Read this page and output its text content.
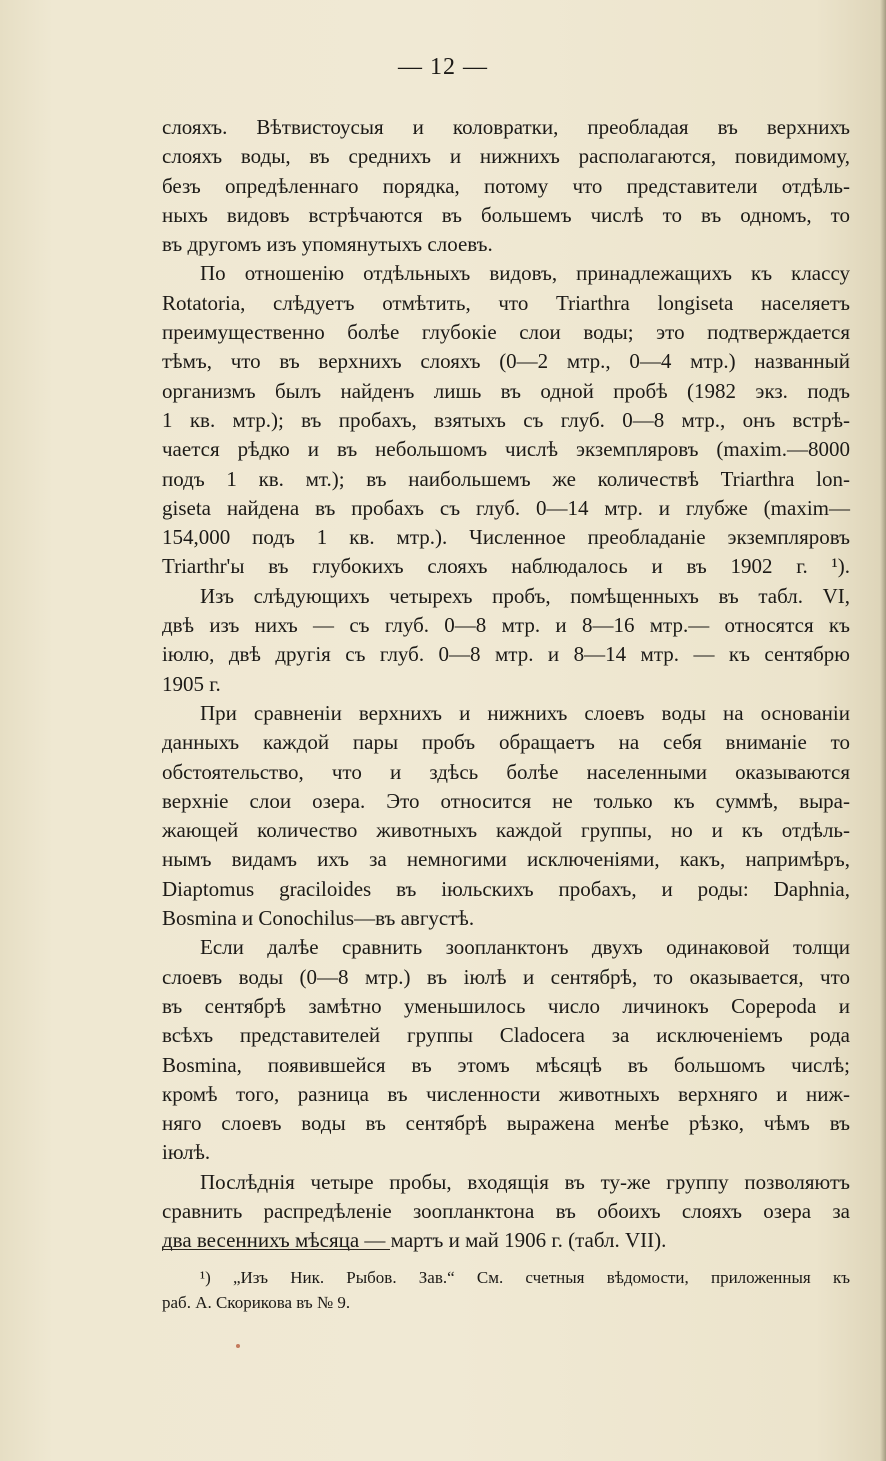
— 12 —

слояхъ. Вѣтвистоусыя и коловратки, преобладая въ верхнихъ

слояхъ воды, въ среднихъ и нижнихъ располагаются, повидимому,

безъ опредѣленнаго порядка, потому что представители отдѣль-

ныхъ видовъ встрѣчаются въ большемъ числѣ то въ одномъ, то

въ другомъ изъ упомянутыхъ слоевъ.

По отношенію отдѣльныхъ видовъ, принадлежащихъ къ классу

Rotatoria, слѣдуетъ отмѣтить, что Triarthra longiseta населяетъ

преимущественно болѣе глубокіе слои воды; это подтверждается

тѣмъ, что въ верхнихъ слояхъ (0—2 мтр., 0—4 мтр.) названный

организмъ былъ найденъ лишь въ одной пробѣ (1982 экз. подъ

1 кв. мтр.); въ пробахъ, взятыхъ съ глуб. 0—8 мтр., онъ встрѣ-

чается рѣдко и въ небольшомъ числѣ экземпляровъ (maxim.—8000

подъ 1 кв. мт.); въ наибольшемъ же количествѣ Triarthra lon-

giseta найдена въ пробахъ съ глуб. 0—14 мтр. и глубже (maxim—

154,000 подъ 1 кв. мтр.). Численное преобладаніе экземпляровъ

Triarthr'ы въ глубокихъ слояхъ наблюдалось и въ 1902 г. ¹).

Изъ слѣдующихъ четырехъ пробъ, помѣщенныхъ въ табл. VI,

двѣ изъ нихъ — съ глуб. 0—8 мтр. и 8—16 мтр.— относятся къ

іюлю, двѣ другія съ глуб. 0—8 мтр. и 8—14 мтр. — къ сентябрю

1905 г.

При сравненіи верхнихъ и нижнихъ слоевъ воды на основаніи

данныхъ каждой пары пробъ обращаетъ на себя вниманіе то

обстоятельство, что и здѣсь болѣе населенными оказываются

верхніе слои озера. Это относится не только къ суммѣ, выра-

жающей количество животныхъ каждой группы, но и къ отдѣль-

нымъ видамъ ихъ за немногими исключеніями, какъ, напримѣръ,

Diaptomus gracilоides въ іюльскихъ пробахъ, и роды: Daphnia,

Bosmina и Conochilus—въ августѣ.

Если далѣе сравнить зоопланктонъ двухъ одинаковой толщи

слоевъ воды (0—8 мтр.) въ іюлѣ и сентябрѣ, то оказывается, что

въ сентябрѣ замѣтно уменьшилось число личинокъ Copepoda и

всѣхъ представителей группы Cladocera за исключеніемъ рода

Bosmina, появившейся въ этомъ мѣсяцѣ въ большомъ числѣ;

кромѣ того, разница въ численности животныхъ верхняго и ниж-

няго слоевъ воды въ сентябрѣ выражена менѣе рѣзко, чѣмъ въ

іюлѣ.

Послѣднія четыре пробы, входящія въ ту-же группу позволяютъ

сравнить распредѣленіе зоопланктона въ обоихъ слояхъ озера за

два весеннихъ мѣсяца — мартъ и май 1906 г. (табл. VII).

¹) „Изъ Ник. Рыбов. Зав.“ См. счетныя вѣдомости, приложенныя къ
раб. А. Скорикова въ № 9.
